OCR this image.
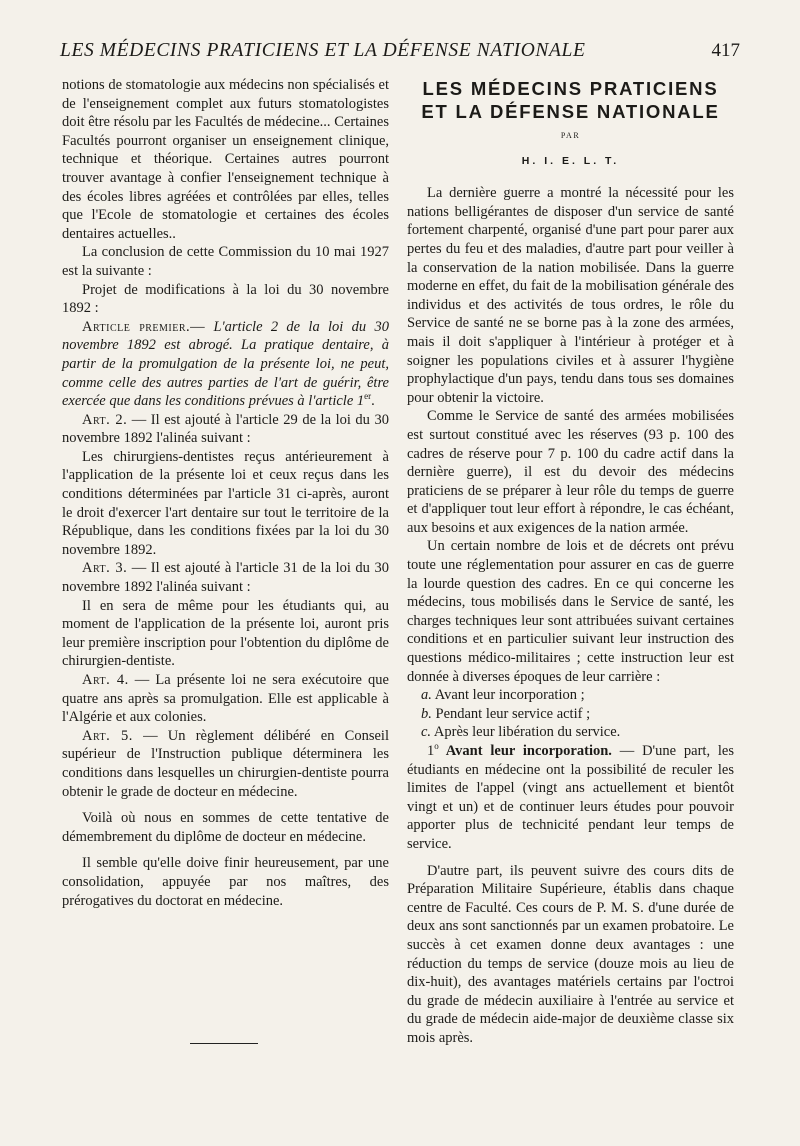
LES MÉDECINS PRATICIENS ET LA DÉFENSE NATIONALE	417

notions de stomatologie aux médecins non spécialisés et de l'enseignement complet aux futurs stomatologistes doit être résolu par les Facultés de médecine... Certaines Facultés pourront organiser un enseignement clinique, technique et théorique. Certaines autres pourront trouver avantage à confier l'enseignement technique à des écoles libres agréées et contrôlées par elles, telles que l'Ecole de stomatologie et certaines des écoles dentaires actuelles..

La conclusion de cette Commission du 10 mai 1927 est la suivante :

Projet de modifications à la loi du 30 novembre 1892 :

Article premier.— L'article 2 de la loi du 30 novembre 1892 est abrogé. La pratique dentaire, à partir de la promulgation de la présente loi, ne peut, comme celle des autres parties de l'art de guérir, être exercée que dans les conditions prévues à l'article 1er.

Art. 2. — Il est ajouté à l'article 29 de la loi du 30 novembre 1892 l'alinéa suivant :

Les chirurgiens-dentistes reçus antérieurement à l'application de la présente loi et ceux reçus dans les conditions déterminées par l'article 31 ci-après, auront le droit d'exercer l'art dentaire sur tout le territoire de la République, dans les conditions fixées par la loi du 30 novembre 1892.

Art. 3. — Il est ajouté à l'article 31 de la loi du 30 novembre 1892 l'alinéa suivant :

Il en sera de même pour les étudiants qui, au moment de l'application de la présente loi, auront pris leur première inscription pour l'obtention du diplôme de chirurgien-dentiste.

Art. 4. — La présente loi ne sera exécutoire que quatre ans après sa promulgation. Elle est applicable à l'Algérie et aux colonies.

Art. 5. — Un règlement délibéré en Conseil supérieur de l'Instruction publique déterminera les conditions dans lesquelles un chirurgien-dentiste pourra obtenir le grade de docteur en médecine.

Voilà où nous en sommes de cette tentative de démembrement du diplôme de docteur en médecine.

Il semble qu'elle doive finir heureusement, par une consolidation, appuyée par nos maîtres, des prérogatives du doctorat en médecine.

LES MÉDECINS PRATICIENS ET LA DÉFENSE NATIONALE
PAR
H. I. E. L. T.

La dernière guerre a montré la nécessité pour les nations belligérantes de disposer d'un service de santé fortement charpenté, organisé d'une part pour parer aux pertes du feu et des maladies, d'autre part pour veiller à la conservation de la nation mobilisée. Dans la guerre moderne en effet, du fait de la mobilisation générale des individus et des activités de tous ordres, le rôle du Service de santé ne se borne pas à la zone des armées, mais il doit s'appliquer à l'intérieur à protéger et à soigner les populations civiles et à assurer l'hygiène prophylactique d'un pays, tendu dans tous ses domaines pour obtenir la victoire.

Comme le Service de santé des armées mobilisées est surtout constitué avec les réserves (93 p. 100 des cadres de réserve pour 7 p. 100 du cadre actif dans la dernière guerre), il est du devoir des médecins praticiens de se préparer à leur rôle du temps de guerre et d'appliquer tout leur effort à répondre, le cas échéant, aux besoins et aux exigences de la nation armée.

Un certain nombre de lois et de décrets ont prévu toute une réglementation pour assurer en cas de guerre la lourde question des cadres. En ce qui concerne les médecins, tous mobilisés dans le Service de santé, les charges techniques leur sont attribuées suivant certaines conditions et en particulier suivant leur instruction des questions médico-militaires ; cette instruction leur est donnée à diverses époques de leur carrière :

a. Avant leur incorporation ;
b. Pendant leur service actif ;
c. Après leur libération du service.

1$^o$ Avant leur incorporation. — D'une part, les étudiants en médecine ont la possibilité de reculer les limites de l'appel (vingt ans actuellement et bientôt vingt et un) et de continuer leurs études pour pouvoir apporter plus de technicité pendant leur temps de service.

D'autre part, ils peuvent suivre des cours dits de Préparation Militaire Supérieure, établis dans chaque centre de Faculté. Ces cours de P. M. S. d'une durée de deux ans sont sanctionnés par un examen probatoire. Le succès à cet examen donne deux avantages : une réduction du temps de service (douze mois au lieu de dix-huit), des avantages matériels certains par l'octroi du grade de médecin auxiliaire à l'entrée au service et du grade de médecin aide-major de deuxième classe six mois après.
